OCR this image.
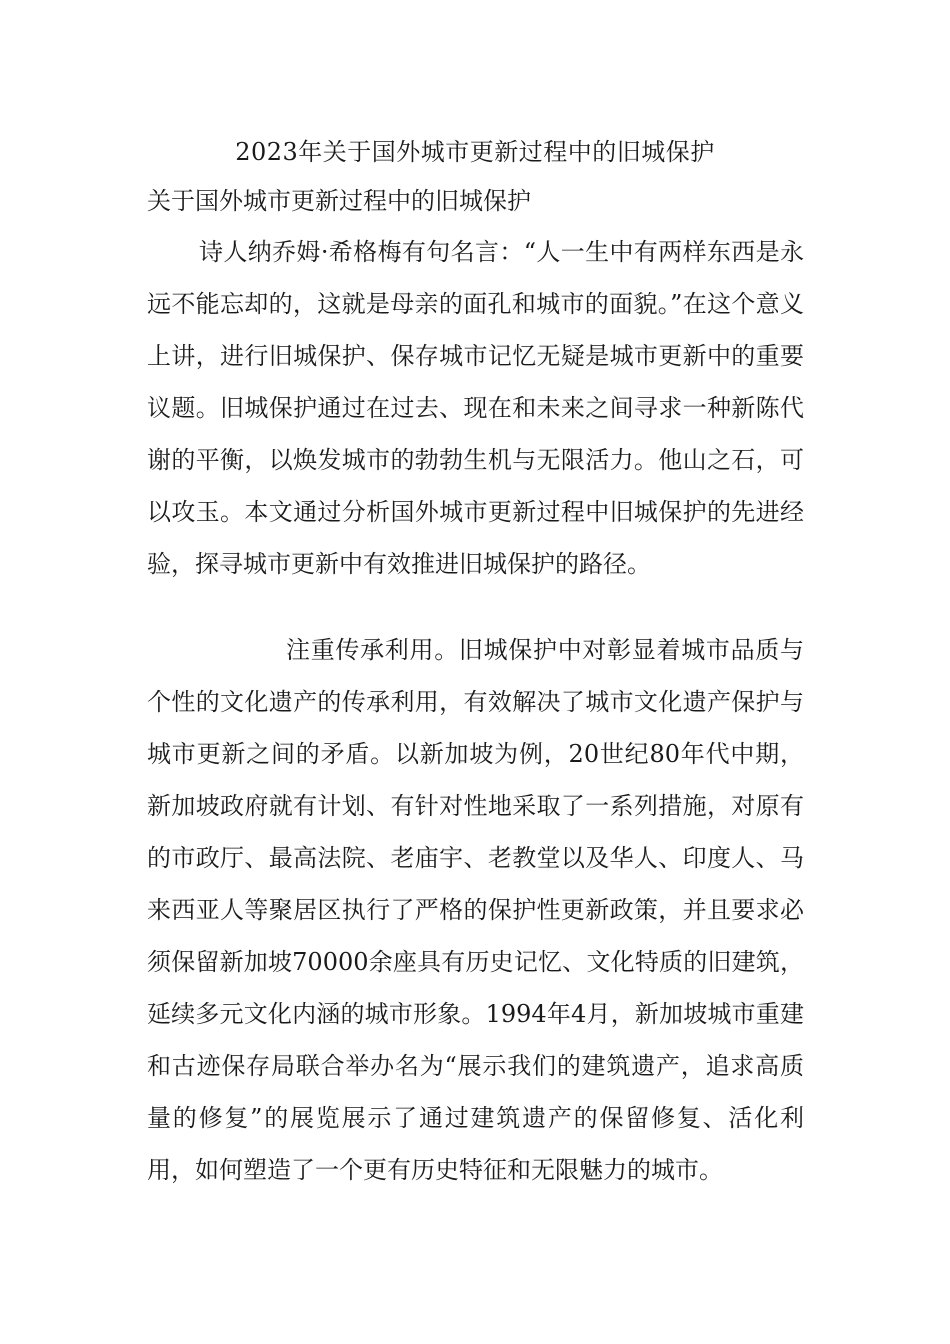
2023年关于国外城市更新过程中的旧城保护
关于国外城市更新过程中的旧城保护

诗人纳乔姆·希格梅有句名言：“人一生中有两样东西是永远不能忘却的，这就是母亲的面孔和城市的面貌。”在这个意义上讲，进行旧城保护、保存城市记忆无疑是城市更新中的重要议题。旧城保护通过在过去、现在和未来之间寻求一种新陈代谢的平衡，以焕发城市的勃勃生机与无限活力。他山之石，可以攻玉。本文通过分析国外城市更新过程中旧城保护的先进经验，探寻城市更新中有效推进旧城保护的路径。

注重传承利用。旧城保护中对彰显着城市品质与个性的文化遗产的传承利用，有效解决了城市文化遗产保护与城市更新之间的矛盾。以新加坡为例，20世纪80年代中期，新加坡政府就有计划、有针对性地采取了一系列措施，对原有的市政厅、最高法院、老庙宇、老教堂以及华人、印度人、马来西亚人等聚居区执行了严格的保护性更新政策，并且要求必须保留新加坡70000余座具有历史记忆、文化特质的旧建筑，延续多元文化内涵的城市形象。1994年4月，新加坡城市重建和古迹保存局联合举办名为“展示我们的建筑遗产，追求高质量的修复”的展览展示了通过建筑遗产的保留修复、活化利用，如何塑造了一个更有历史特征和无限魅力的城市。
